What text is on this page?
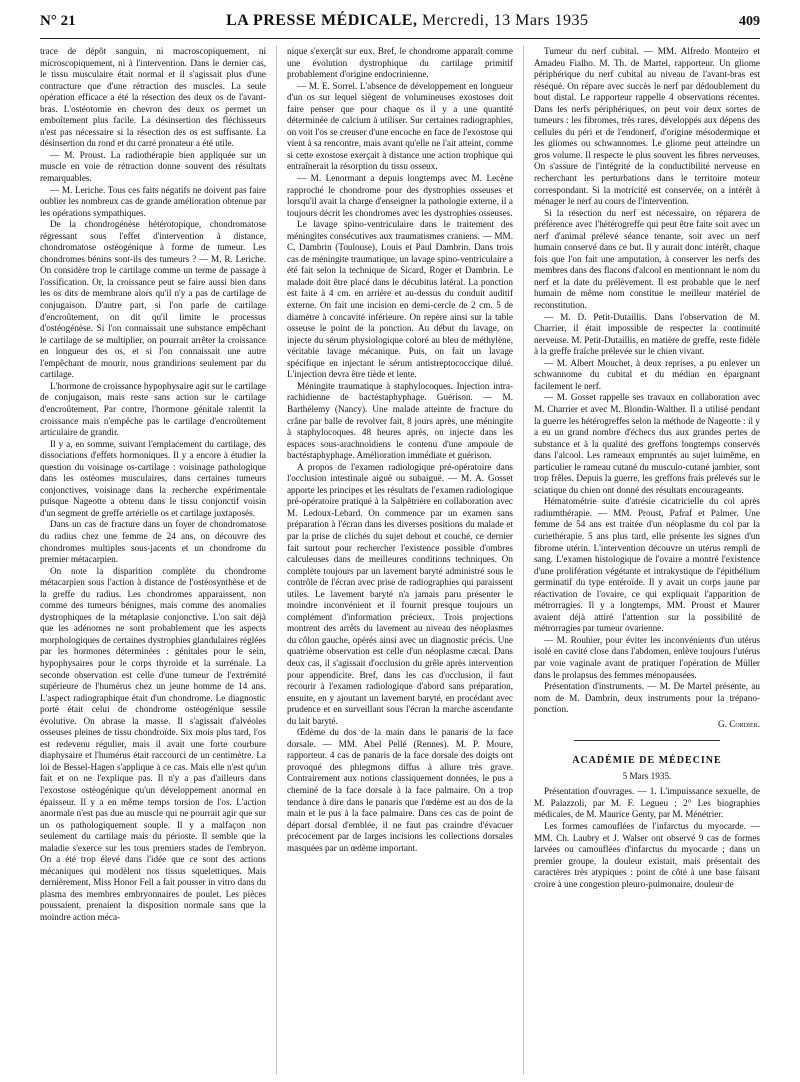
N° 21	LA PRESSE MÉDICALE, Mercredi, 13 Mars 1935	409

trace de dépôt sanguin, ni macroscopiquement, ni microscopiquement, ni à l'intervention. Dans le dernier cas, le tissu musculaire était normal et il s'agissait plus d'une contracture que d'une rétraction des muscles. La seule opération efficace a été la résection des deux os de l'avant-bras. L'ostéotomie en chevron des deux os permet un emboîtement plus facile. La désinsertion des fléchisseurs n'est pas nécessaire si la résection des os est suffisante. La désinsertion du rond et du carré pronateur a été utile.

— M. Proust. La radiothérapie bien appliquée sur un muscle en voie de rétraction donne souvent des résultats remarquables.

— M. Leriche. Tous ces faits négatifs ne doivent pas faire oublier les nombreux cas de grande amélioration obtenue par les opérations sympathiques.

De la chondrogénèse hétérotopique, chondromatose régressant sous l'effet d'intervention à distance, chondromatose ostéogénique à forme de tumeur. Les chondromes bénins sont-ils des tumeurs ? — M. R. Leriche. On considère trop le cartilage comme un terme de passage à l'ossification. Or, la croissance peut se faire aussi bien dans les os dits de membrane alors qu'il n'y a pas de cartilage de conjugaison. D'autre part, si l'on parle de cartilage d'encroûtement, on dit qu'il limite le processus d'ostéogénèse. Si l'on connaissait une substance empêchant le cartilage de se multiplier, on pourrait arrêter la croissance en longueur des os, et si l'on connaissait une autre l'empêchant de mourir, nous grandirions seulement par du cartilage.

L'hormone de croissance hypophysaire agit sur le cartilage de conjugaison, mais reste sans action sur le cartilage d'encroûtement. Par contre, l'hormone génitale ralentit la croissance mais n'empêche pas le cartilage d'encroûtement articulaire de grandir.

Il y a, en somme, suivant l'emplacement du cartilage, des dissociations d'effets hormoniques. Il y a encore à étudier la question du voisinage os-cartilage : voisinage pathologique dans les ostéomes musculaires, dans certaines tumeurs conjonctives, voisinage dans la recherche expérimentale puisque Nageotte a obtenu dans le tissu conjonctif voisin d'un segment de greffe artérielle os et cartilage juxtaposés.

Dans un cas de fracture dans un foyer de chondromatose du radius chez une femme de 24 ans, on découvre des chondromes multiples sous-jacents et un chondrome du premier métacarpien.

On note la disparition complète du chondrome métacarpien sous l'action à distance de l'ostéosynthèse et de la greffe du radius. Les chondromes apparaissent, non comme des tumeurs bénignes, mais comme des anomalies dystrophiques de la métaplasie conjonctive. L'on sait déjà que les adénomes ne sont probablement que les aspects morphologiques de certaines dystrophies glandulaires réglées par les hormones déterminées : génitales pour le sein, hypophysaires pour le corps thyroïde et la surrénale. La seconde observation est celle d'une tumeur de l'extrémité supérieure de l'humérus chez un jeune homme de 14 ans. L'aspect radiographique était d'un chondrome. Le diagnostic porté était celui de chondrome ostéogénique sessile évolutive. On abrase la masse. Il s'agissait d'alvéoles osseuses pleines de tissu chondroïde. Six mois plus tard, l'os est redevenu régulier, mais il avait une forte courbure diaphysaire et l'humérus était raccourci de un centimètre. La loi de Bessel-Hagen s'applique à ce cas. Mais elle n'est qu'un fait et on ne l'explique pas. Il n'y a pas d'ailleurs dans l'exostose ostéogénique qu'un développement anormal en épaisseur. Il y a en même temps torsion de l'os. L'action anormale n'est pas due au muscle qui ne pourrait agir que sur un os pathologiquement souple. Il y a malfaçon non seulement du cartilage mais du périoste. Il semble que la maladie s'exerce sur les tous premiers stades de l'embryon. On a été trop élevé dans l'idée que ce sont des actions mécaniques qui modèlent nos tissus squelettiques. Mais dernièrement, Miss Honor Fell a fait pousser in vitro dans du plasma des membres embryonnaires de poulet. Les pièces poussaient, prenaient la disposition normale sans que la moindre action méca-

nique s'exerçât sur eux. Bref, le chondrome apparaît comme une évolution dystrophique du cartilage primitif probablement d'origine endocrinienne.

— M. E. Sorrel. L'absence de développement en longueur d'un os sur lequel siègent de volumineuses exostoses doit faire penser que pour chaque os il y a une quantité déterminée de calcium à utiliser. Sur certaines radiographies, on voit l'os se creuser d'une encoche en face de l'exostose qui vient à sa rencontre, mais avant qu'elle ne l'ait atteint, comme si cette exostose exerçait à distance une action trophique qui entraînerait la résorption du tissu osseux.

— M. Lenormant a depuis longtemps avec M. Lecène rapproché le chondrome pour des dystrophies osseuses et lorsqu'il avait la charge d'enseigner la pathologie externe, il a toujours décrit les chondromes avec les dystrophies osseuses.

Le lavage spino-ventriculaire dans le traitement des méningites consécutives aux traumatismes craniens. — MM. C. Dambrin (Toulouse), Louis et Paul Dambrin. Dans trois cas de méningite traumatique, un lavage spino-ventriculaire a été fait selon la technique de Sicard, Roger et Dambrin. Le malade doit être placé dans le décubitus latéral. La ponction est faite à 4 cm. en arrière et au-dessus du conduit auditif externe. On fait une incision en demi-cercle de 2 cm. 5 de diamètre à concavité inférieure. On repère ainsi sur la table osseuse le point de la ponction. Au début du lavage, on injecte du sérum physiologique coloré au bleu de méthylène, véritable lavage mécanique. Puis, on fait un lavage spécifique en injectant le sérum antistreptococcique dilué. L'injection devra être tiède et lente.

Méningite traumatique à staphylocoques. Injection intra-rachidienne de bactéstaphyphage. Guérison. — M. Barthélemy (Nancy). Une malade atteinte de fracture du crâne par balle de revolver fait, 8 jours après, une méningite à staphylocoques. 48 heures après, on injecte dans les espaces sous-arachnoïdiens le contenu d'une ampoule de bactéstaphyphage. Amélioration immédiate et guérison.

A propos de l'examen radiologique pré-opératoire dans l'occlusion intestinale aiguë ou subaiguë. — M. A. Gosset apporte les principes et les résultats de l'examen radiologique pré-opératoire pratiqué à la Salpêtrière en collaboration avec M. Ledoux-Lebard. On commence par un examen sans préparation à l'écran dans les diverses positions du malade et par la prise de clichés du sujet debout et couché, ce dernier fait surtout pour rechercher l'existence possible d'ombres calculeuses dans de meilleures conditions techniques. On complète toujours par un lavement baryté administré sous le contrôle de l'écran avec prise de radiographies qui paraissent utiles. Le lavement baryté n'a jamais paru présenter le moindre inconvénient et il fournit presque toujours un complément d'information précieux. Trois projections montrent des arrêts du lavement au niveau des néoplasmes du côlon gauche, opérés ainsi avec un diagnostic précis. Une quatrième observation est celle d'un néoplasme cæcal. Dans deux cas, il s'agissait d'occlusion du grêle après intervention pour appendicite. Bref, dans les cas d'occlusion, il faut recourir à l'examen radiologique d'abord sans préparation, ensuite, en y ajoutant un lavement baryté, en procédant avec prudence et en surveillant sous l'écran la marche ascendante du lait baryté.

Œdème du dos de la main dans le panaris de la face dorsale. — MM. Abel Pellé (Rennes). M. P. Moure, rapporteur. 4 cas de panaris de la face dorsale des doigts ont provoqué des phlegmons diffus à allure très grave. Contrairement aux notions classiquement données, le pus a cheminé de la face dorsale à la face palmaire. On a trop tendance à dire dans le panaris que l'œdème est au dos de la main et le pus à la face palmaire. Dans ces cas de point de départ dorsal d'emblée, il ne faut pas craindre d'évacuer précocement par de larges incisions les collections dorsales masquées par un œdème important.

Tumeur du nerf cubital. — MM. Alfredo Monteiro et Amadeu Fialho. M. Th. de Martel, rapporteur. Un gliome périphérique du nerf cubital au niveau de l'avant-bras est réséqué. On répare avec succès le nerf par dédoublement du bout distal. Le rapporteur rappelle 4 observations récentes. Dans les nerfs périphériques, on peut voir deux sortes de tumeurs : les fibromes, très rares, développés aux dépens des cellules du péri et de l'endonerf, d'origine mésodermique et les gliomes ou schwannomes. Le gliome peut atteindre un gros volume. Il respecte le plus souvent les fibres nerveuses. On s'assure de l'intégrité de la conductibilité nerveuse en recherchant les perturbations dans le territoire moteur correspondant. Si la motricité est conservée, on a intérêt à ménager le nerf au cours de l'intervention.

Si la résection du nerf est nécessaire, on réparera de préférence avec l'hétérogreffe qui peut être faite soit avec un nerf d'animal prélevé séance tenante, soit avec un nerf humain conservé dans ce but. Il y aurait donc intérêt, chaque fois que l'on fait une amputation, à conserver les nerfs des membres dans des flacons d'alcool en mentionnant le nom du nerf et la date du prélèvement. Il est probable que le nerf humain de même nom constitue le meilleur matériel de reconstitution.

— M. D. Petit-Dutaillis. Dans l'observation de M. Charrier, il était impossible de respecter la continuité nerveuse. M. Petit-Dutaillis, en matière de greffe, reste fidèle à la greffe fraîche prélevée sur le chien vivant.

— M. Albert Mouchet, à deux reprises, a pu enlever un schwannome du cubital et du médian en épargnant facilement le nerf.

— M. Gosset rappelle ses travaux en collaboration avec M. Charrier et avec M. Blondin-Walther. Il a utilisé pendant la guerre les hétérogreffes selon la méthode de Nageotte : il y a eu un grand nombre d'échecs dus aux grandes pertes de substance et à la qualité des greffons longtemps conservés dans l'alcool. Les rameaux empruntés au sujet luimême, en particulier le rameau cutané du musculo-cutané jambier, sont trop frêles. Depuis la guerre, les greffons frais prélevés sur le sciatique du chien ont donné des résultats encourageants.

Hématométrie suite d'atrésie cicatricielle du col après radiumthérapie. — MM. Proust, Pafraf et Palmer. Une femme de 54 ans est traitée d'un néoplasme du col par la curiethérapie. 5 ans plus tard, elle présente les signes d'un fibrome utérin. L'intervention découvre un utérus rempli de sang. L'examen histologique de l'ovaire a montré l'existence d'une prolifération végétante et intrakystique de l'épithélium germinatif du type entéroïde. Il y avait un corps jaune par réactivation de l'ovaire, ce qui expliquait l'apparition de métrorragies. Il y a longtemps, MM. Proust et Maurer avaient déjà attiré l'attention sur la possibilité de métrorragies par tumeur ovarienne.

— M. Rouhier, pour éviter les inconvénients d'un utérus isolé en cavité close dans l'abdomen, enlève toujours l'utérus par voie vaginale avant de pratiquer l'opération de Müller dans le prolapsus des femmes ménopausées.

Présentation d'instruments. — M. De Martel présente, au nom de M. Dambrin, deux instruments pour la trépano-ponction.

G. Cordier.
ACADÉMIE DE MÉDECINE
5 Mars 1935.

Présentation d'ouvrages. — 1. L'impuissance sexuelle, de M. Palazzoli, par M. F. Legueu ; 2° Les biographies médicales, de M. Maurice Genty, par M. Ménétrier.

Les formes camouflées de l'infarctus du myocarde. — MM. Ch. Laubry et J. Walser ont observé 9 cas de formes larvées ou camouflées d'infarctus du myocarde ; dans un premier groupe, la douleur existait, mais présentait des caractères très atypiques : point de côté à une base faisant croire à une congestion pleuro-pulmonaire, douleur de
